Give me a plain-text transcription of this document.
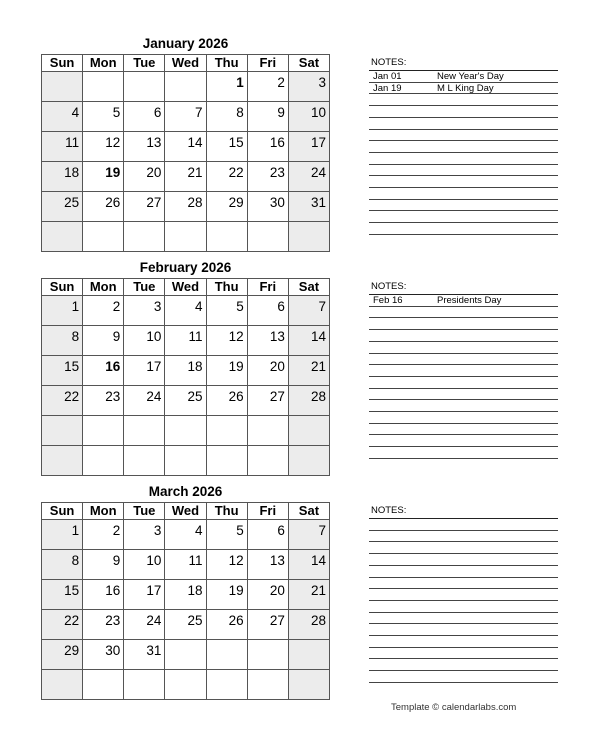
January 2026
Sun	Mon	Tue	Wed	Thu	Fri	Sat

				1	2	3

4	5	6	7	8	9	10

11	12	13	14	15	16	17

18	19	20	21	22	23	24

25	26	27	28	29	30	31

NOTES:
Jan 01	New Year's Day
Jan 19	M L King Day
February 2026
Sun	Mon	Tue	Wed	Thu	Fri	Sat

1	2	3	4	5	6	7

8	9	10	11	12	13	14

15	16	17	18	19	20	21

22	23	24	25	26	27	28

NOTES:
Feb 16	Presidents Day
March 2026
Sun	Mon	Tue	Wed	Thu	Fri	Sat

1	2	3	4	5	6	7

8	9	10	11	12	13	14

15	16	17	18	19	20	21

22	23	24	25	26	27	28

29	30	31				

NOTES:
Template © calendarlabs.com
